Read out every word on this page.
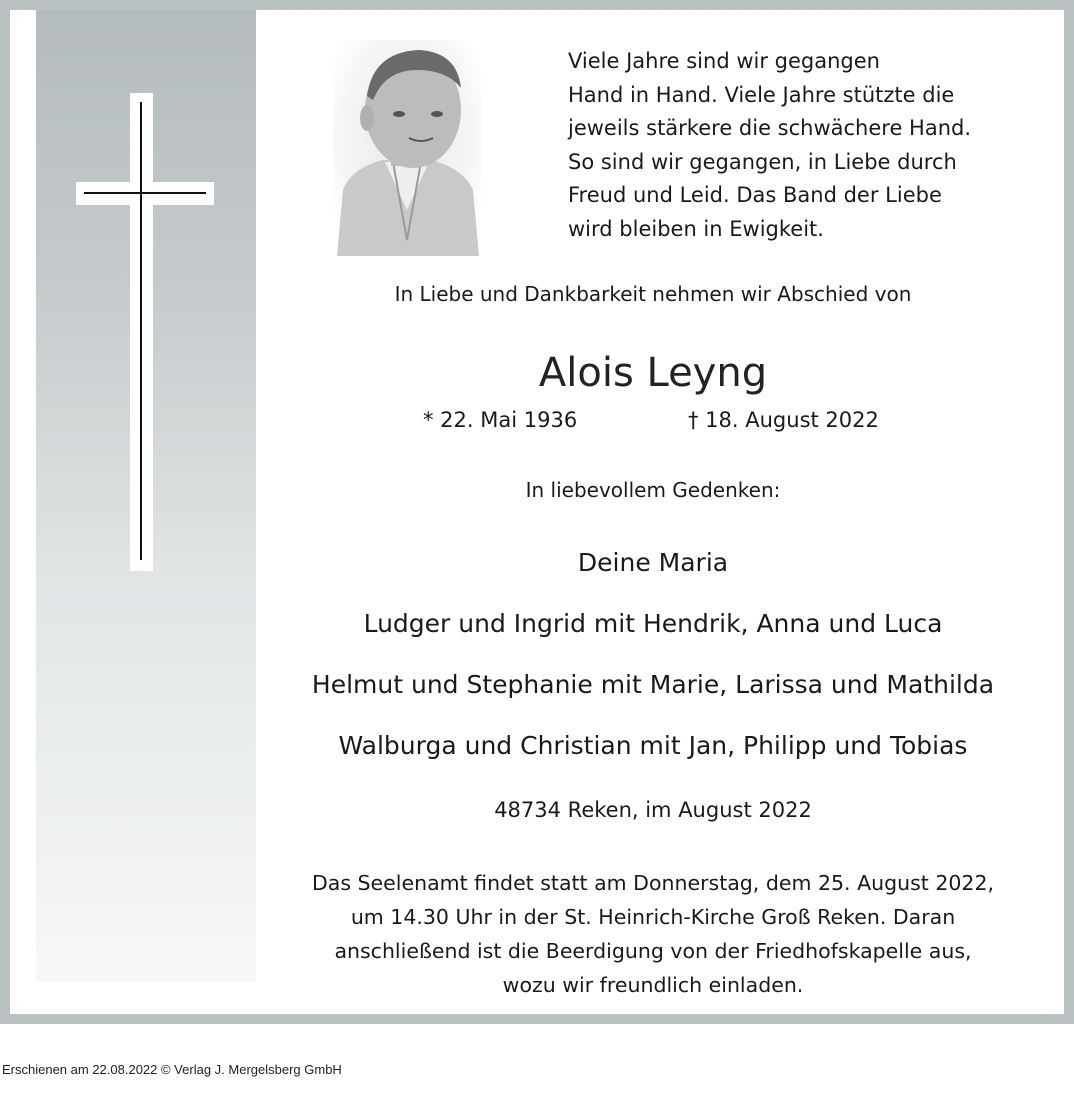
Viele Jahre sind wir gegangen
Hand in Hand. Viele Jahre stützte die
jeweils stärkere die schwächere Hand.
So sind wir gegangen, in Liebe durch
Freud und Leid. Das Band der Liebe
wird bleiben in Ewigkeit.
In Liebe und Dankbarkeit nehmen wir Abschied von
Alois Leyng
* 22. Mai 1936	† 18. August 2022
In liebevollem Gedenken:
Deine Maria
Ludger und Ingrid mit Hendrik, Anna und Luca
Helmut und Stephanie mit Marie, Larissa und Mathilda
Walburga und Christian mit Jan, Philipp und Tobias
48734 Reken, im August 2022
Das Seelenamt findet statt am Donnerstag, dem 25. August 2022,
um 14.30 Uhr in der St. Heinrich-Kirche Groß Reken. Daran
anschließend ist die Beerdigung von der Friedhofskapelle aus,
wozu wir freundlich einladen.
Erschienen am 22.08.2022 © Verlag J. Mergelsberg GmbH
